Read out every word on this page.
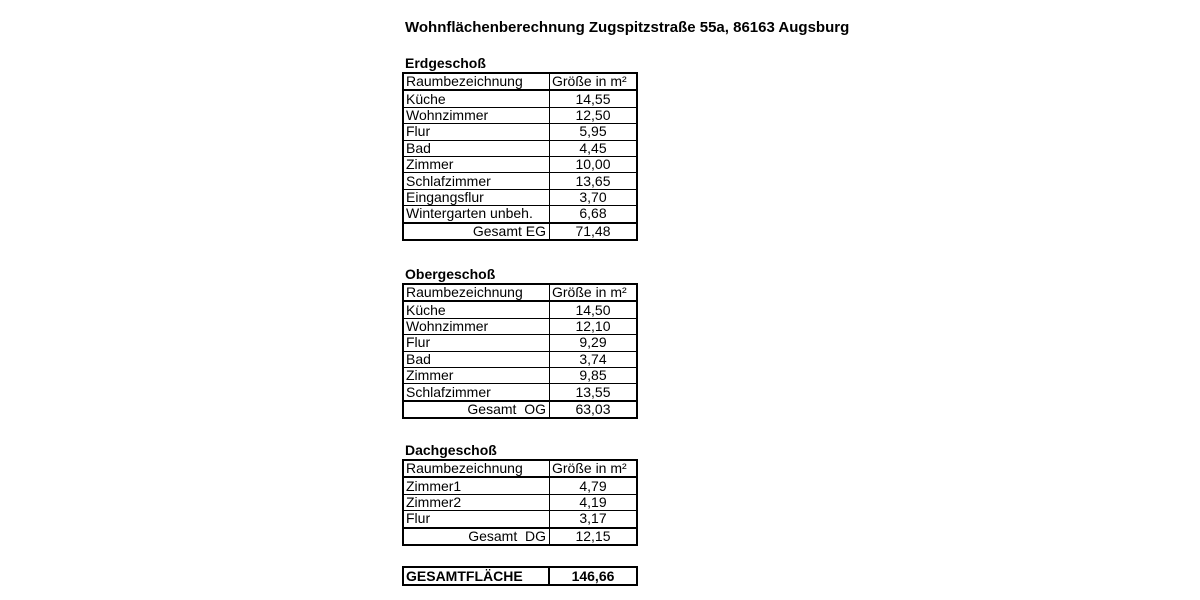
Wohnflächenberechnung Zugspitzstraße 55a, 86163 Augsburg
Erdgeschoß
Raumbezeichnung	Größe in m²
Küche	14,55
Wohnzimmer	12,50
Flur	5,95
Bad	4,45
Zimmer	10,00
Schlafzimmer	13,65
Eingangsflur	3,70
Wintergarten unbeh.	6,68
Gesamt EG	71,48
Obergeschoß
Raumbezeichnung	Größe in m²
Küche	14,50
Wohnzimmer	12,10
Flur	9,29
Bad	3,74
Zimmer	9,85
Schlafzimmer	13,55
Gesamt  OG	63,03
Dachgeschoß
Raumbezeichnung	Größe in m²
Zimmer1	4,79
Zimmer2	4,19
Flur	3,17
Gesamt  DG	12,15
GESAMTFLÄCHE	146,66
